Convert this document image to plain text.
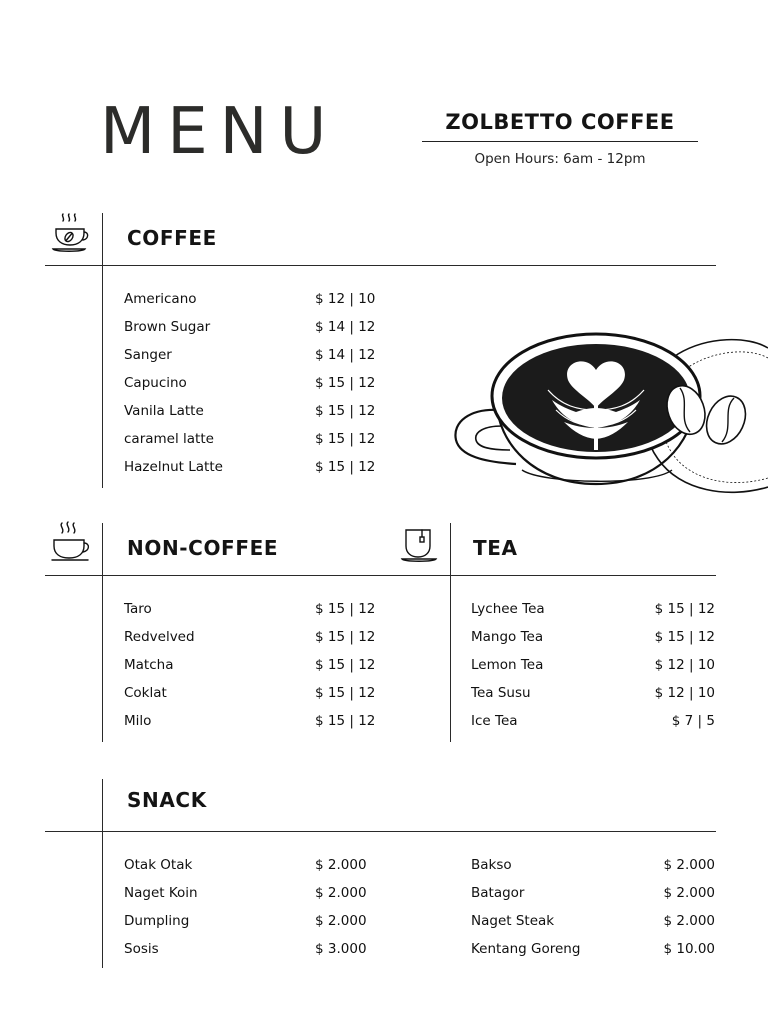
MENU	ZOLBETTO COFFEE
Open Hours: 6am - 12pm
COFFEE
Americano	$ 12 | 10
Brown Sugar	$ 14 | 12
Sanger	$ 14 | 12
Capucino	$ 15 | 12
Vanila Latte	$ 15 | 12
caramel latte	$ 15 | 12
Hazelnut Latte	$ 15 | 12
NON-COFFEE
Taro	$ 15 | 12
Redvelved	$ 15 | 12
Matcha	$ 15 | 12
Coklat	$ 15 | 12
Milo	$ 15 | 12
TEA
Lychee Tea	$ 15 | 12
Mango Tea	$ 15 | 12
Lemon Tea	$ 12 | 10
Tea Susu	$ 12 | 10
Ice Tea	$ 7 | 5
SNACK
Otak Otak	$ 2.000
Naget Koin	$ 2.000
Dumpling	$ 2.000
Sosis	$ 3.000
Bakso	$ 2.000
Batagor	$ 2.000
Naget Steak	$ 2.000
Kentang Goreng	$ 10.00
